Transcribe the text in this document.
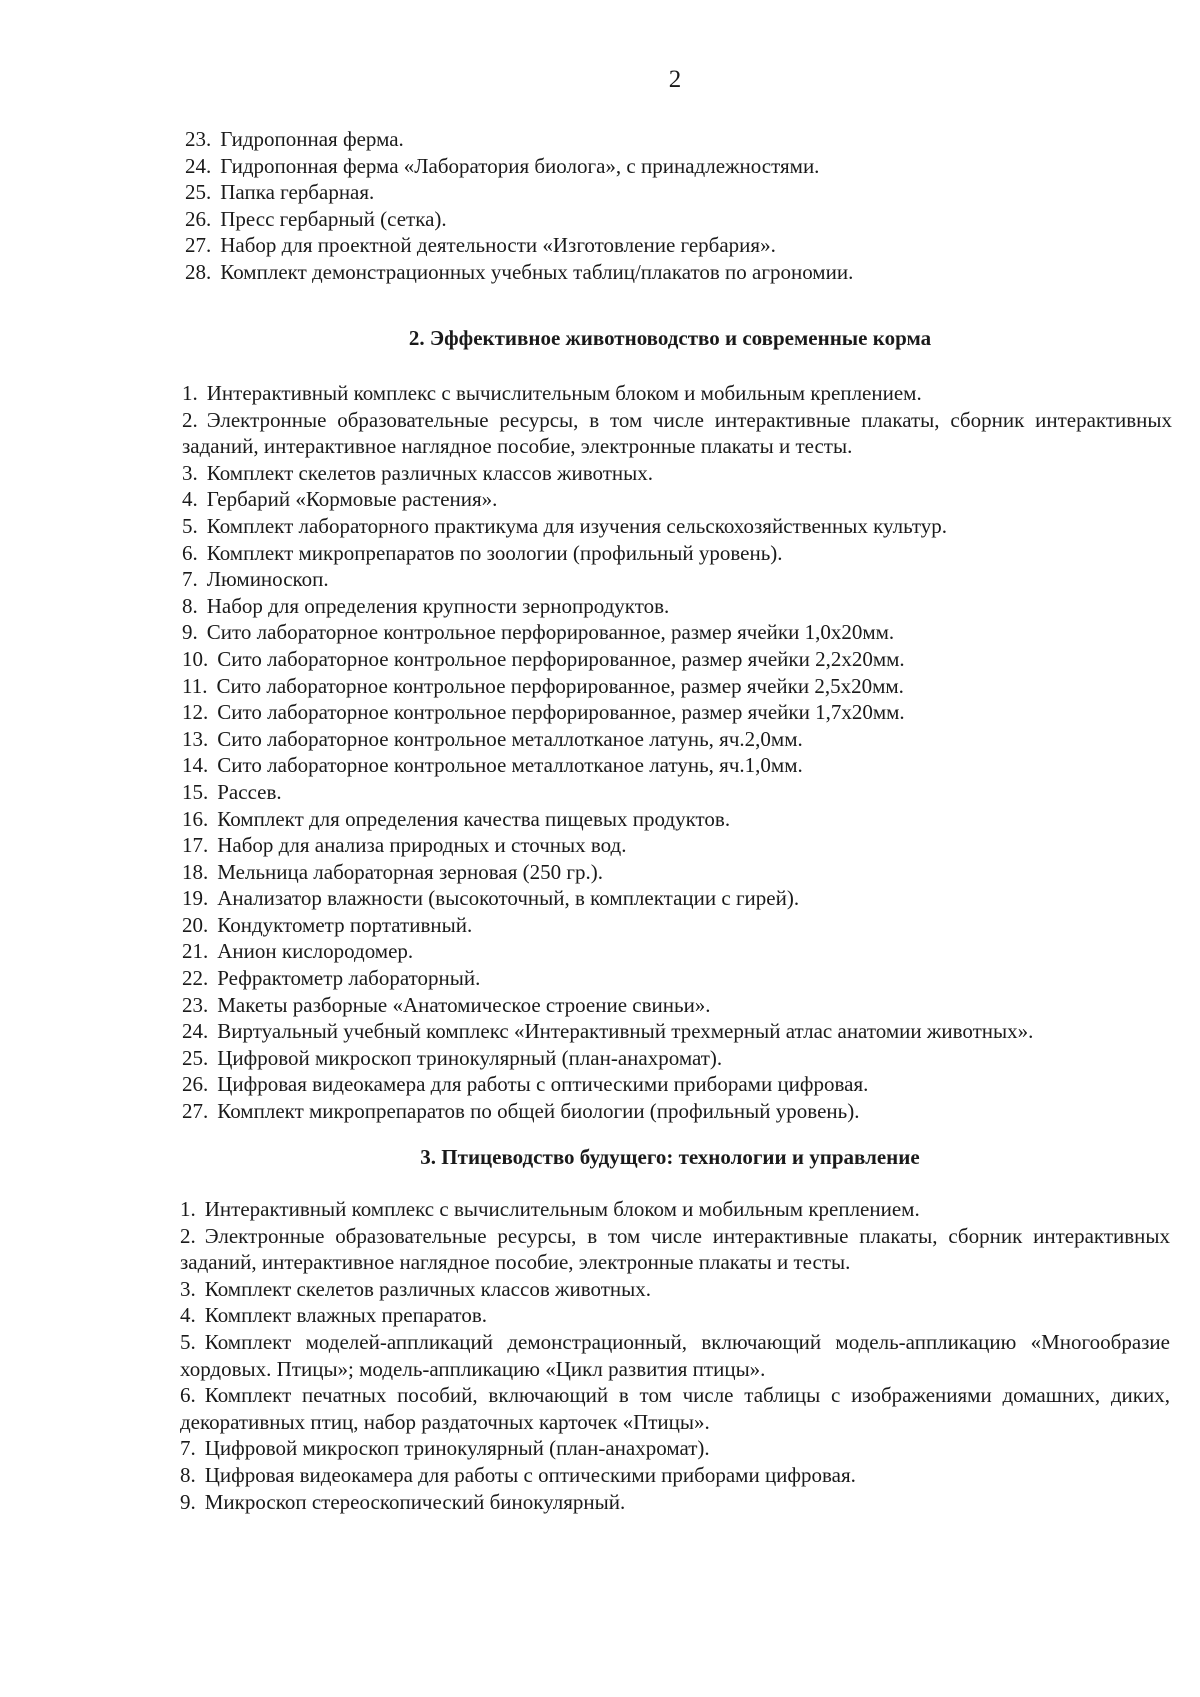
2
23. Гидропонная ферма.
24. Гидропонная ферма «Лаборатория биолога», с принадлежностями.
25. Папка гербарная.
26. Пресс гербарный (сетка).
27. Набор для проектной деятельности «Изготовление гербария».
28. Комплект демонстрационных учебных таблиц/плакатов по агрономии.
2. Эффективное животноводство и современные корма
1. Интерактивный комплекс с вычислительным блоком и мобильным креплением.
2. Электронные образовательные ресурсы, в том числе интерактивные плакаты, сборник интерактивных заданий, интерактивное наглядное пособие, электронные плакаты и тесты.
3. Комплект скелетов различных классов животных.
4. Гербарий «Кормовые растения».
5. Комплект лабораторного практикума для изучения сельскохозяйственных культур.
6. Комплект микропрепаратов по зоологии (профильный уровень).
7. Люминоскоп.
8. Набор для определения крупности зернопродуктов.
9. Сито лабораторное контрольное перфорированное, размер ячейки 1,0х20мм.
10. Сито лабораторное контрольное перфорированное, размер ячейки 2,2х20мм.
11. Сито лабораторное контрольное перфорированное, размер ячейки 2,5х20мм.
12. Сито лабораторное контрольное перфорированное, размер ячейки 1,7х20мм.
13. Сито лабораторное контрольное металлотканое латунь, яч.2,0мм.
14. Сито лабораторное контрольное металлотканое латунь, яч.1,0мм.
15. Рассев.
16. Комплект для определения качества пищевых продуктов.
17. Набор для анализа природных и сточных вод.
18. Мельница лабораторная зерновая (250 гр.).
19. Анализатор влажности (высокоточный, в комплектации с гирей).
20. Кондуктометр портативный.
21. Анион кислородомер.
22. Рефрактометр лабораторный.
23. Макеты разборные «Анатомическое строение свиньи».
24. Виртуальный учебный комплекс «Интерактивный трехмерный атлас анатомии животных».
25. Цифровой микроскоп тринокулярный (план-анахромат).
26. Цифровая видеокамера для работы с оптическими приборами цифровая.
27. Комплект микропрепаратов по общей биологии (профильный уровень).
3. Птицеводство будущего: технологии и управление
1. Интерактивный комплекс с вычислительным блоком и мобильным креплением.
2. Электронные образовательные ресурсы, в том числе интерактивные плакаты, сборник интерактивных заданий, интерактивное наглядное пособие, электронные плакаты и тесты.
3. Комплект скелетов различных классов животных.
4. Комплект влажных препаратов.
5. Комплект моделей-аппликаций демонстрационный, включающий модель-аппликацию «Многообразие хордовых. Птицы»; модель-аппликацию «Цикл развития птицы».
6. Комплект печатных пособий, включающий в том числе таблицы с изображениями домашних, диких, декоративных птиц, набор раздаточных карточек «Птицы».
7. Цифровой микроскоп тринокулярный (план-анахромат).
8. Цифровая видеокамера для работы с оптическими приборами цифровая.
9. Микроскоп стереоскопический бинокулярный.
